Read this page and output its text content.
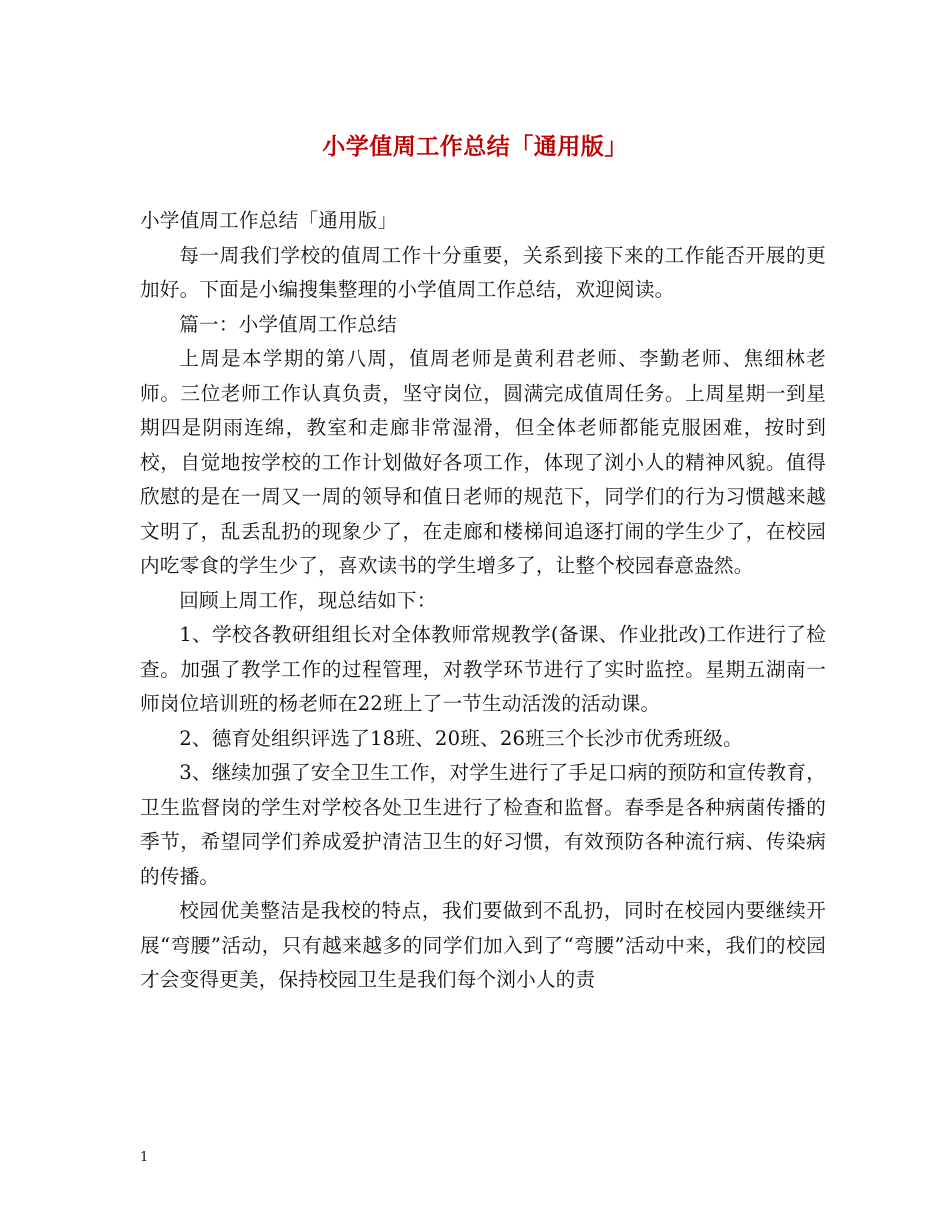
小学值周工作总结「通用版」

小学值周工作总结「通用版」

每一周我们学校的值周工作十分重要，关系到接下来的工作能否开展的更加好。下面是小编搜集整理的小学值周工作总结，欢迎阅读。

篇一：小学值周工作总结

上周是本学期的第八周，值周老师是黄利君老师、李勤老师、焦细林老师。三位老师工作认真负责，坚守岗位，圆满完成值周任务。上周星期一到星期四是阴雨连绵，教室和走廊非常湿滑，但全体老师都能克服困难，按时到校，自觉地按学校的工作计划做好各项工作，体现了浏小人的精神风貌。值得欣慰的是在一周又一周的领导和值日老师的规范下，同学们的行为习惯越来越文明了，乱丢乱扔的现象少了，在走廊和楼梯间追逐打闹的学生少了，在校园内吃零食的学生少了，喜欢读书的学生增多了，让整个校园春意盎然。

回顾上周工作，现总结如下：

1、学校各教研组组长对全体教师常规教学(备课、作业批改)工作进行了检查。加强了教学工作的过程管理，对教学环节进行了实时监控。星期五湖南一师岗位培训班的杨老师在22班上了一节生动活泼的活动课。

2、德育处组织评选了18班、20班、26班三个长沙市优秀班级。

3、继续加强了安全卫生工作，对学生进行了手足口病的预防和宣传教育，卫生监督岗的学生对学校各处卫生进行了检查和监督。春季是各种病菌传播的季节，希望同学们养成爱护清洁卫生的好习惯，有效预防各种流行病、传染病的传播。

校园优美整洁是我校的特点，我们要做到不乱扔，同时在校园内要继续开展“弯腰”活动，只有越来越多的同学们加入到了“弯腰”活动中来，我们的校园才会变得更美，保持校园卫生是我们每个浏小人的责

1
